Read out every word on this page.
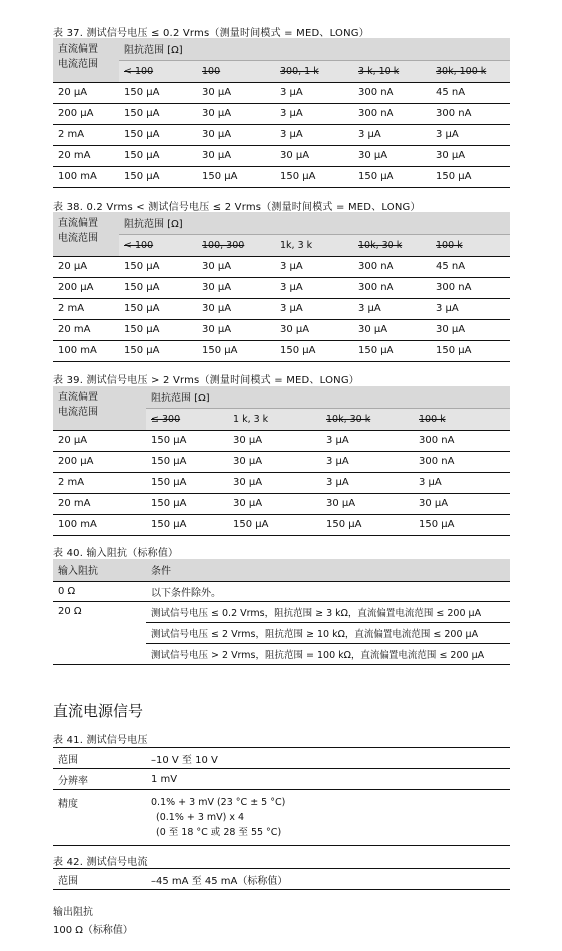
表 37. 测试信号电压 ≤ 0.2 Vrms（测量时间模式 = MED、LONG）
直流偏置
电流范围	阻抗范围 [Ω]				
	< 100	100	300, 1 k	3 k, 10 k	30k, 100 k
20 μA	150 μA	30 μA	3 μA	300 nA	45 nA
200 μA	150 μA	30 μA	3 μA	300 nA	300 nA
2 mA	150 μA	30 μA	3 μA	3 μA	3 μA
20 mA	150 μA	30 μA	30 μA	30 μA	30 μA
100 mA	150 μA	150 μA	150 μA	150 μA	150 μA
表 38. 0.2 Vrms < 测试信号电压 ≤ 2 Vrms（测量时间模式 = MED、LONG）
直流偏置
电流范围	阻抗范围 [Ω]				
	< 100	100, 300	1k, 3 k	10k, 30 k	100 k
20 μA	150 μA	30 μA	3 μA	300 nA	45 nA
200 μA	150 μA	30 μA	3 μA	300 nA	300 nA
2 mA	150 μA	30 μA	3 μA	3 μA	3 μA
20 mA	150 μA	30 μA	30 μA	30 μA	30 μA
100 mA	150 μA	150 μA	150 μA	150 μA	150 μA
表 39. 测试信号电压 > 2 Vrms（测量时间模式 = MED、LONG）
直流偏置
电流范围	阻抗范围 [Ω]			
	≤ 300	1 k, 3 k	10k, 30 k	100 k
20 μA	150 μA	30 μA	3 μA	300 nA
200 μA	150 μA	30 μA	3 μA	300 nA
2 mA	150 μA	30 μA	3 μA	3 μA
20 mA	150 μA	30 μA	30 μA	30 μA
100 mA	150 μA	150 μA	150 μA	150 μA
表 40. 输入阻抗（标称值）
输入阻抗	条件
0 Ω	以下条件除外。
20 Ω	测试信号电压 ≤ 0.2 Vrms，阻抗范围 ≥ 3 kΩ，直流偏置电流范围 ≤ 200 μA
	测试信号电压 ≤ 2 Vrms，阻抗范围 ≥ 10 kΩ，直流偏置电流范围 ≤ 200 μA
	测试信号电压 > 2 Vrms，阻抗范围 = 100 kΩ，直流偏置电流范围 ≤ 200 μA
直流电源信号
表 41. 测试信号电压
范围	–10 V 至 10 V
分辨率	1 mV
精度	0.1% + 3 mV (23 °C ± 5 °C)
(0.1% + 3 mV) x 4
(0 至 18 °C 或 28 至 55 °C)
表 42. 测试信号电流
范围	–45 mA 至 45 mA（标称值）
输出阻抗
100 Ω（标称值）
